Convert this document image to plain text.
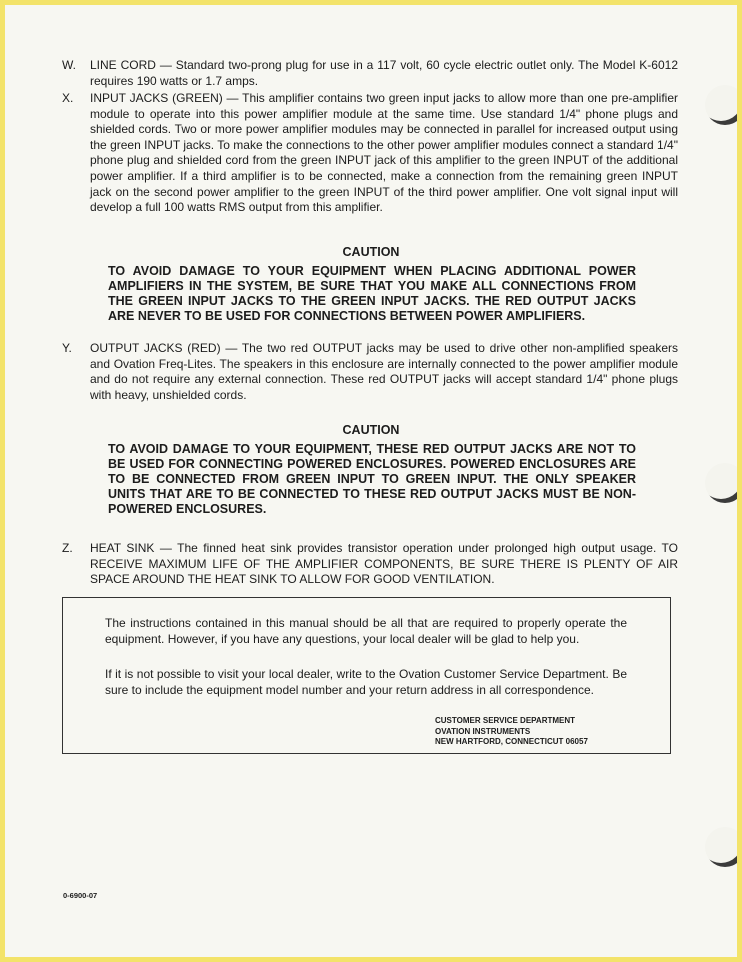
W.	LINE CORD — Standard two-prong plug for use in a 117 volt, 60 cycle electric outlet only. The Model K-6012 requires 190 watts or 1.7 amps.
X.	INPUT JACKS (GREEN) — This amplifier contains two green input jacks to allow more than one pre-amplifier module to operate into this power amplifier module at the same time. Use standard 1/4" phone plugs and shielded cords. Two or more power amplifier modules may be connected in parallel for increased output using the green INPUT jacks. To make the connections to the other power amplifier modules connect a standard 1/4" phone plug and shielded cord from the green INPUT jack of this amplifier to the green INPUT of the additional power amplifier. If a third amplifier is to be connected, make a connection from the remaining green INPUT jack on the second power amplifier to the green INPUT of the third power amplifier. One volt signal input will develop a full 100 watts RMS output from this amplifier.
CAUTION
TO AVOID DAMAGE TO YOUR EQUIPMENT WHEN PLACING ADDITIONAL POWER AMPLIFIERS IN THE SYSTEM, BE SURE THAT YOU MAKE ALL CONNECTIONS FROM THE GREEN INPUT JACKS TO THE GREEN INPUT JACKS. THE RED OUTPUT JACKS ARE NEVER TO BE USED FOR CONNECTIONS BETWEEN POWER AMPLIFIERS.
Y.	OUTPUT JACKS (RED) — The two red OUTPUT jacks may be used to drive other non-amplified speakers and Ovation Freq-Lites. The speakers in this enclosure are internally connected to the power amplifier module and do not require any external connection. These red OUTPUT jacks will accept standard 1/4" phone plugs with heavy, unshielded cords.
CAUTION
TO AVOID DAMAGE TO YOUR EQUIPMENT, THESE RED OUTPUT JACKS ARE NOT TO BE USED FOR CONNECTING POWERED ENCLOSURES. POWERED ENCLOSURES ARE TO BE CONNECTED FROM GREEN INPUT TO GREEN INPUT. THE ONLY SPEAKER UNITS THAT ARE TO BE CONNECTED TO THESE RED OUTPUT JACKS MUST BE NON-POWERED ENCLOSURES.
Z.	HEAT SINK — The finned heat sink provides transistor operation under prolonged high output usage. TO RECEIVE MAXIMUM LIFE OF THE AMPLIFIER COMPONENTS, BE SURE THERE IS PLENTY OF AIR SPACE AROUND THE HEAT SINK TO ALLOW FOR GOOD VENTILATION.
The instructions contained in this manual should be all that are required to properly operate the equipment. However, if you have any questions, your local dealer will be glad to help you.
If it is not possible to visit your local dealer, write to the Ovation Customer Service Department. Be sure to include the equipment model number and your return address in all correspondence.
CUSTOMER SERVICE DEPARTMENT
OVATION INSTRUMENTS
NEW HARTFORD, CONNECTICUT 06057
0-6900-07
